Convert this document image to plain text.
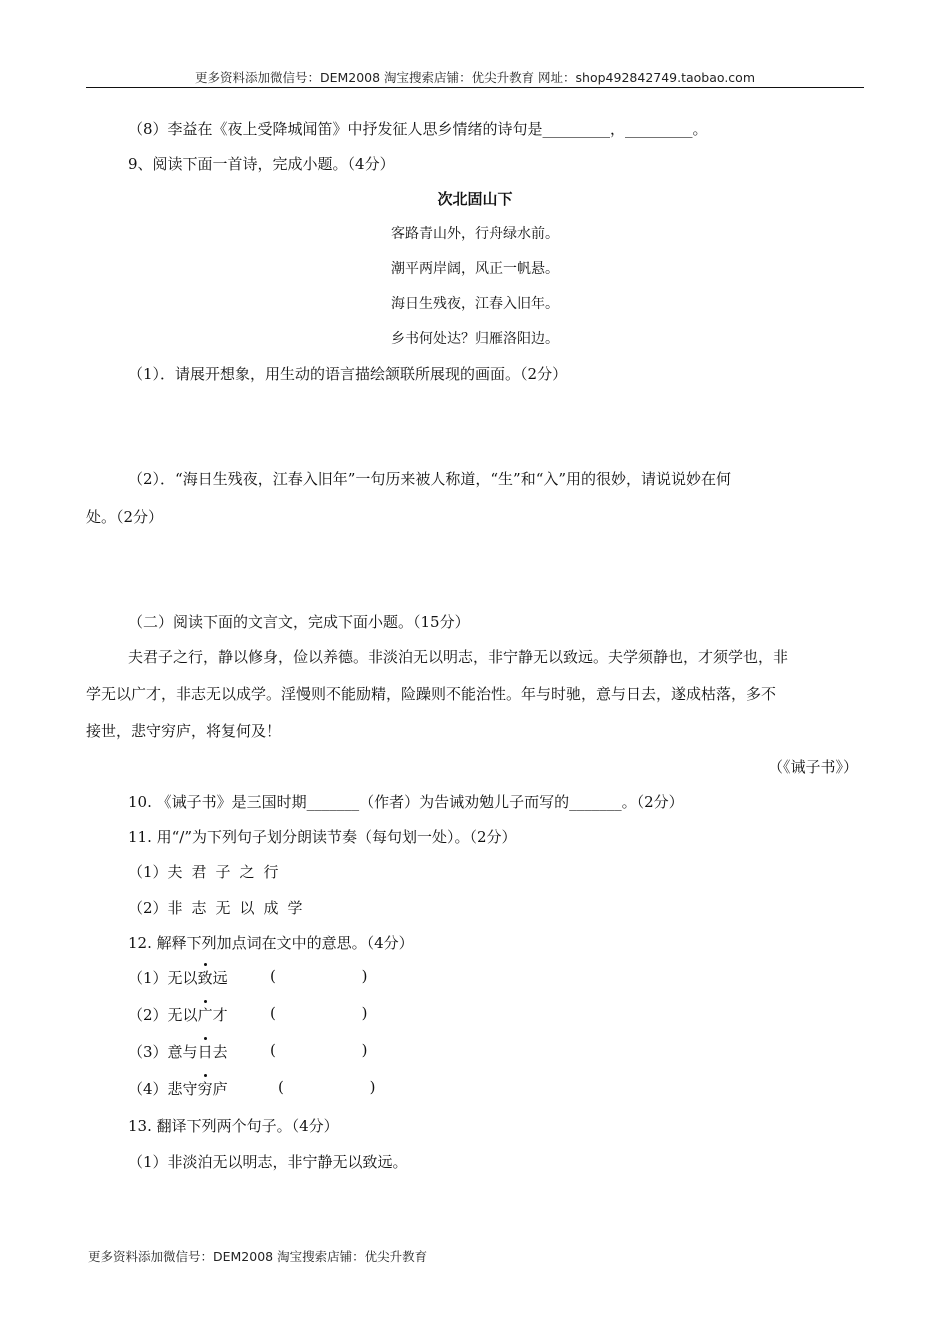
更多资料添加微信号：DEM2008 淘宝搜索店铺：优尖升教育 网址：shop492842749.taobao.com
（8）李益在《夜上受降城闻笛》中抒发征人思乡情绪的诗句是_________，_________。
9、阅读下面一首诗，完成小题。（4分）
次北固山下
客路青山外，行舟绿水前。
潮平两岸阔，风正一帆悬。
海日生残夜，江春入旧年。
乡书何处达？归雁洛阳边。
（1）．请展开想象，用生动的语言描绘颔联所展现的画面。（2分）
（2）．“海日生残夜，江春入旧年”一句历来被人称道，“生”和“入”用的很妙，请说说妙在何
处。（2分）
（二）阅读下面的文言文，完成下面小题。（15分）
夫君子之行，静以修身，俭以养德。非淡泊无以明志，非宁静无以致远。夫学须静也，才须学也，非
学无以广才，非志无以成学。淫慢则不能励精，险躁则不能治性。年与时驰，意与日去，遂成枯落，多不
接世，悲守穷庐，将复何及！
（《诫子书》）
10. 《诫子书》是三国时期_______（作者）为告诫劝勉儿子而写的_______。（2分）
11. 用“/”为下列句子划分朗读节奏（每句划一处）。（2分）
（1）夫君子之行
（2）非志无以成学
12. 解释下列加点词在文中的意思。（4分）
（1）无以致远	(                  )
（2）无以广才	(                  )
（3）意与日去	(                  )
（4）悲守穷庐	(                  )
13. 翻译下列两个句子。（4分）
（1）非淡泊无以明志，非宁静无以致远。
更多资料添加微信号：DEM2008 淘宝搜索店铺：优尖升教育
